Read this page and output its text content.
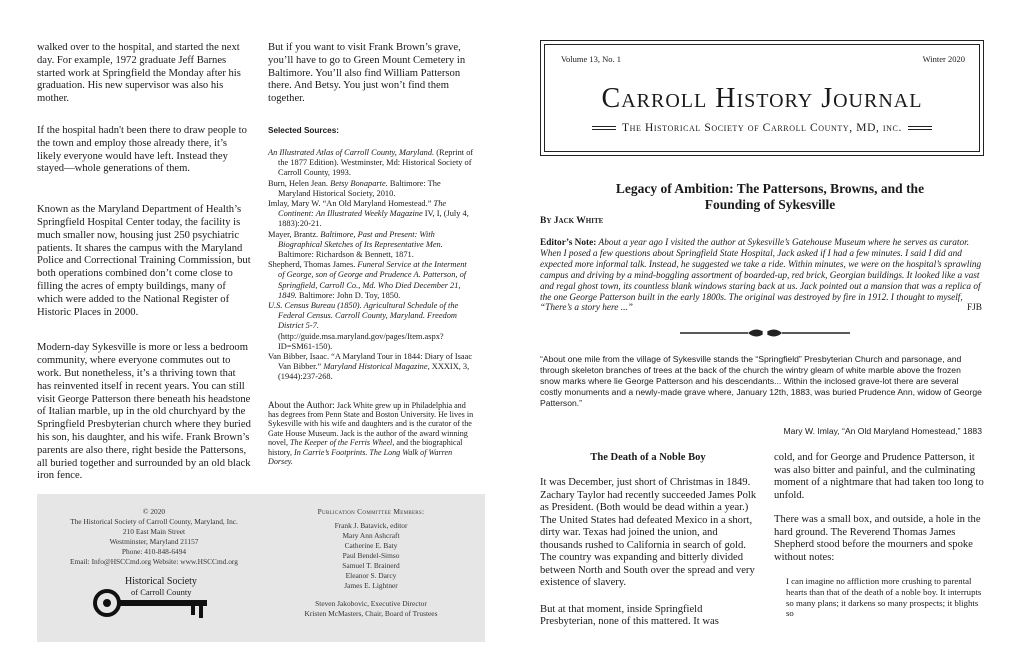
walked over to the hospital, and started the next day. For example, 1972 graduate Jeff Barnes started work at Springfield the Monday after his graduation. His new supervisor was also his mother.

If the hospital hadn't been there to draw people to the town and employ those already there, it’s likely everyone would have left. Instead they stayed—whole generations of them.

Known as the Maryland Department of Health’s Springfield Hospital Center today, the facility is much smaller now, housing just 250 psychiatric patients. It shares the campus with the Maryland Police and Correctional Training Commission, but both operations combined don’t come close to filling the acres of empty buildings, many of which were added to the National Register of Historic Places in 2000.

Modern-day Sykesville is more or less a bedroom community, where everyone commutes out to work. But nonetheless, it’s a thriving town that has reinvented itself in recent years. You can still visit George Patterson there beneath his headstone of Italian marble, up in the old churchyard by the Springfield Presbyterian church where they buried his son, his daughter, and his wife. Frank Brown’s parents are also there, right beside the Pattersons, all buried together and surrounded by an old black iron fence.

But if you want to visit Frank Brown’s grave, you’ll have to go to Green Mount Cemetery in Baltimore. You’ll also find William Patterson there. And Betsy. You just won’t find them together.

Selected Sources:

An Illustrated Atlas of Carroll County, Maryland. (Reprint of the 1877 Edition). Westminster, Md: Historical Society of Carroll County, 1993.

Burn, Helen Jean. Betsy Bonaparte. Baltimore: The Maryland Historical Society, 2010.

Imlay, Mary W. “An Old Maryland Homestead.” The Continent: An Illustrated Weekly Magazine IV, I, (July 4, 1883):20-21.

Mayer, Brantz. Baltimore, Past and Present: With Biographical Sketches of Its Representative Men. Baltimore: Richardson & Bennett, 1871.

Shepherd, Thomas James. Funeral Service at the Interment of George, son of George and Prudence A. Patterson, of Springfield, Carroll Co., Md. Who Died December 21, 1849. Baltimore: John D. Toy, 1850.

U.S. Census Bureau (1850). Agricultural Schedule of the Federal Census. Carroll County, Maryland. Freedom District 5-7. (http://guide.msa.maryland.gov/pages/Item.aspx?ID=SM61-150).

Van Bibber, Isaac. “A Maryland Tour in 1844: Diary of Isaac Van Bibber.” Maryland Historical Magazine, XXXIX, 3, (1944):237-268.

About the Author: Jack White grew up in Philadelphia and has degrees from Penn State and Boston University. He lives in Sykesville with his wife and daughters and is the curator of the Gate House Museum. Jack is the author of the award winning novel, The Keeper of the Ferris Wheel, and the biographical history, In Carrie’s Footprints. The Long Walk of Warren Dorsey.

© 2020

The Historical Society of Carroll County, Maryland, Inc.

210 East Main Street

Westminster, Maryland 21157

Phone: 410-848-6494

Email: Info@HSCCmd.org Website: www.HSCCmd.org

Historical Society
of Carroll County

Publication Committee Members:

Frank J. Batavick, editor

Mary Ann Ashcraft

Catherine E. Baty

Paul Bendel-Simso

Samuel T. Brainerd

Eleanor S. Darcy

James E. Lightner

Steven Jakobovic, Executive Director

Kristen McMasters, Chair, Board of Trustees

Volume 13, No. 1	Winter 2020
Carroll History Journal
The Historical Society of Carroll County, MD, inc.
Legacy of Ambition: The Pattersons, Browns, and the Founding of Sykesville

By Jack White

Editor’s Note: About a year ago I visited the author at Sykesville’s Gatehouse Museum where he serves as curator. When I posed a few questions about Springfield State Hospital, Jack asked if I had a few minutes. I said I did and expected more informal talk. Instead, he suggested we take a ride. Within minutes, we were on the hospital’s sprawling campus and driving by a mind-boggling assortment of boarded-up, red brick, Georgian buildings. It looked like a vast and regal ghost town, its countless blank windows staring back at us. Jack pointed out a mansion that was a replica of the one George Patterson built in the early 1800s. The original was destroyed by fire in 1912. I thought to myself, “There’s a story here ...”	FJB

“About one mile from the village of Sykesville stands the “Springfield” Presbyterian Church and parsonage, and through skeleton branches of trees at the back of the church the wintry gleam of white marble above the frozen snow marks where lie George Patterson and his descendants... Within the inclosed grave-lot there are several costly monuments and a newly-made grave where, January 12th, 1883, was buried Prudence Ann, widow of George Patterson.”

Mary W. Imlay, “An Old Maryland Homestead,” 1883

The Death of a Noble Boy

It was December, just short of Christmas in 1849. Zachary Taylor had recently succeeded James Polk as President. (Both would be dead within a year.) The United States had defeated Mexico in a short, dirty war. Texas had joined the union, and thousands rushed to California in search of gold. The country was expanding and bitterly divided between North and South over the spread and very existence of slavery.

But at that moment, inside Springfield Presbyterian, none of this mattered. It was

cold, and for George and Prudence Patterson, it was also bitter and painful, and the culminating moment of a nightmare that had taken too long to unfold.

There was a small box, and outside, a hole in the hard ground. The Reverend Thomas James Shepherd stood before the mourners and spoke without notes:

I can imagine no affliction more crushing to parental hearts than that of the death of a noble boy. It interrupts so many plans; it darkens so many prospects; it blights so
